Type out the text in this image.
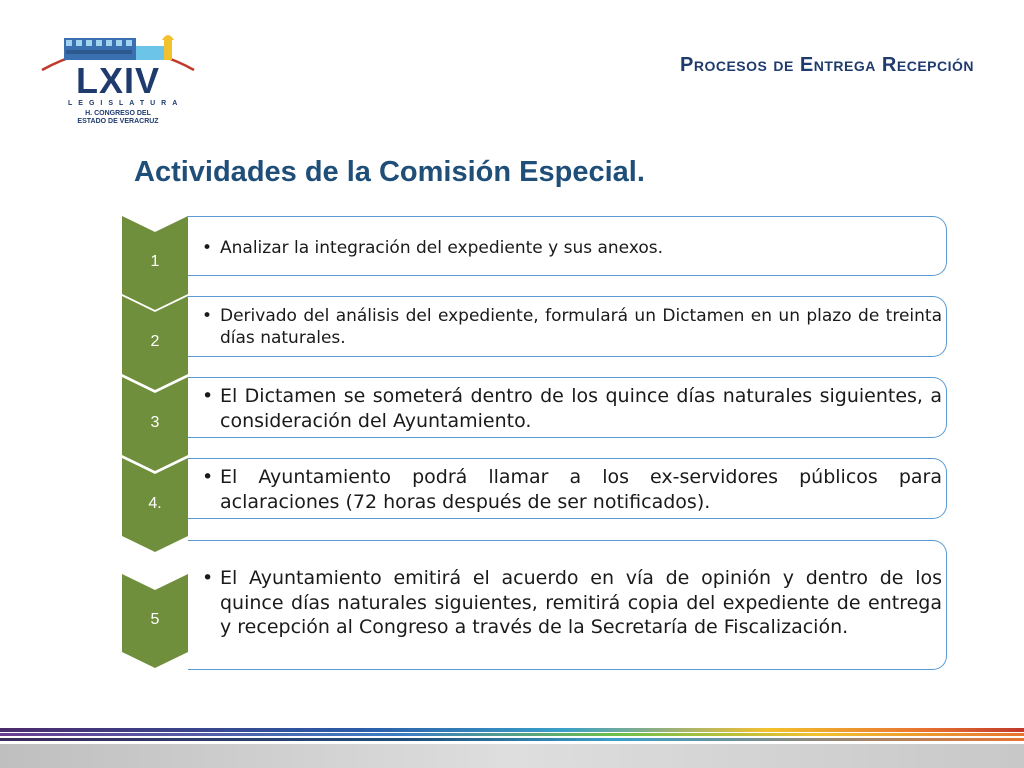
LXIV
LEGISLATURA
H. CONGRESO DEL
ESTADO DE VERACRUZ
Procesos de Entrega Recepción
Actividades de la Comisión Especial.
1
• Analizar la integración del expediente y sus anexos.
2
• Derivado del análisis del expediente, formulará un Dictamen en un plazo de treinta días naturales.
3
• El Dictamen se someterá dentro de los quince días naturales siguientes, a consideración del Ayuntamiento.
4.
• El Ayuntamiento podrá llamar a los ex-servidores públicos para aclaraciones (72 horas después de ser notificados).
5
• El Ayuntamiento emitirá el acuerdo en vía de opinión y dentro de los quince días naturales siguientes, remitirá copia del expediente de entrega y recepción al Congreso a través de la Secretaría de Fiscalización.
